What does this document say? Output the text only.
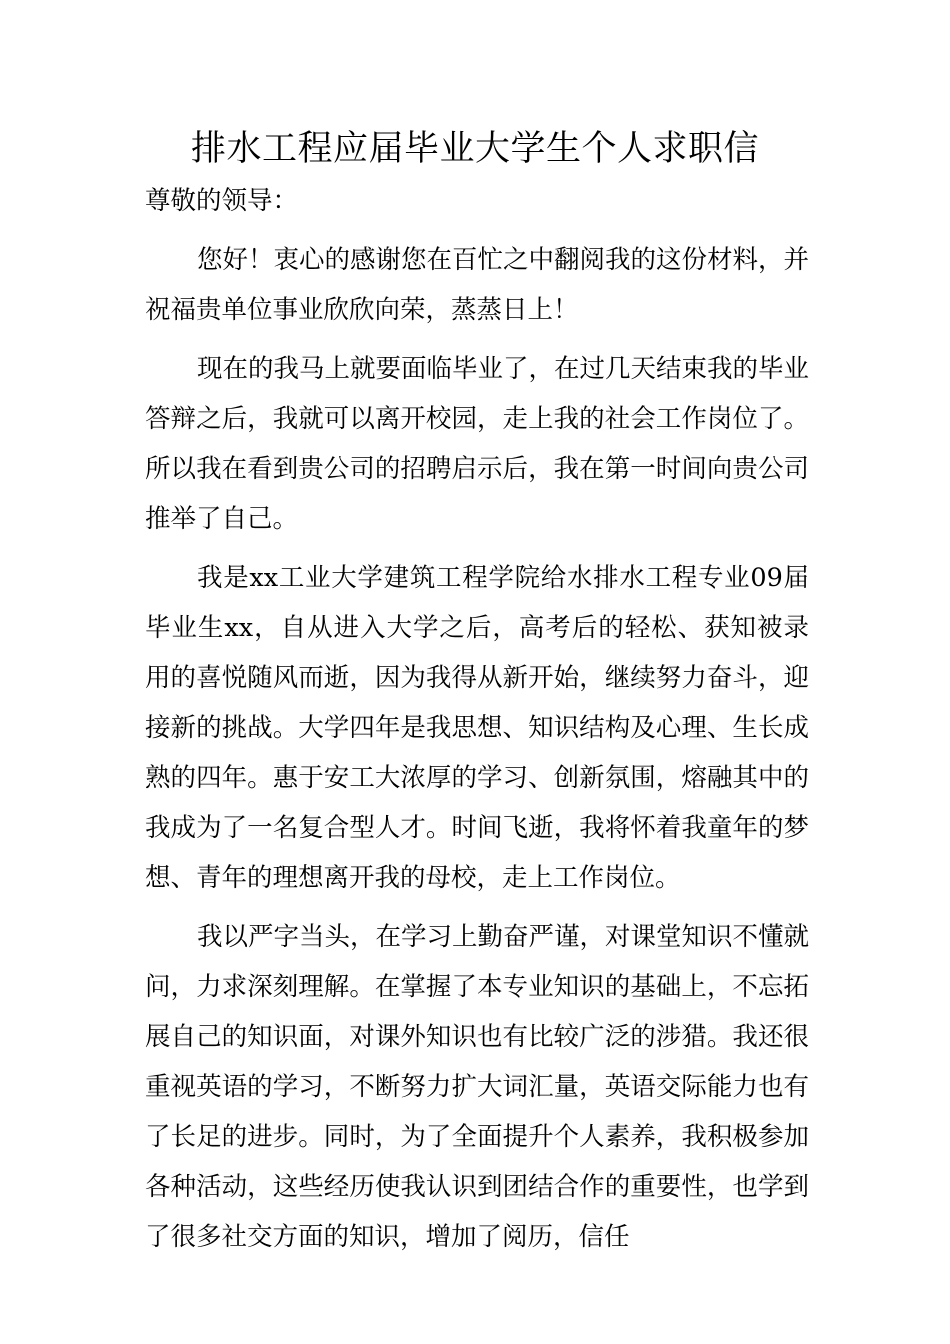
排水工程应届毕业大学生个人求职信

尊敬的领导：

您好！衷心的感谢您在百忙之中翻阅我的这份材料，并祝福贵单位事业欣欣向荣，蒸蒸日上！

现在的我马上就要面临毕业了，在过几天结束我的毕业答辩之后，我就可以离开校园，走上我的社会工作岗位了。所以我在看到贵公司的招聘启示后，我在第一时间向贵公司推举了自己。

我是xx工业大学建筑工程学院给水排水工程专业09届毕业生xx，自从进入大学之后，高考后的轻松、获知被录用的喜悦随风而逝，因为我得从新开始，继续努力奋斗，迎接新的挑战。大学四年是我思想、知识结构及心理、生长成熟的四年。惠于安工大浓厚的学习、创新氛围，熔融其中的我成为了一名复合型人才。时间飞逝，我将怀着我童年的梦想、青年的理想离开我的母校，走上工作岗位。

我以严字当头，在学习上勤奋严谨，对课堂知识不懂就问，力求深刻理解。在掌握了本专业知识的基础上，不忘拓展自己的知识面，对课外知识也有比较广泛的涉猎。我还很重视英语的学习，不断努力扩大词汇量，英语交际能力也有了长足的进步。同时，为了全面提升个人素养，我积极参加各种活动，这些经历使我认识到团结合作的重要性，也学到了很多社交方面的知识，增加了阅历，信任
